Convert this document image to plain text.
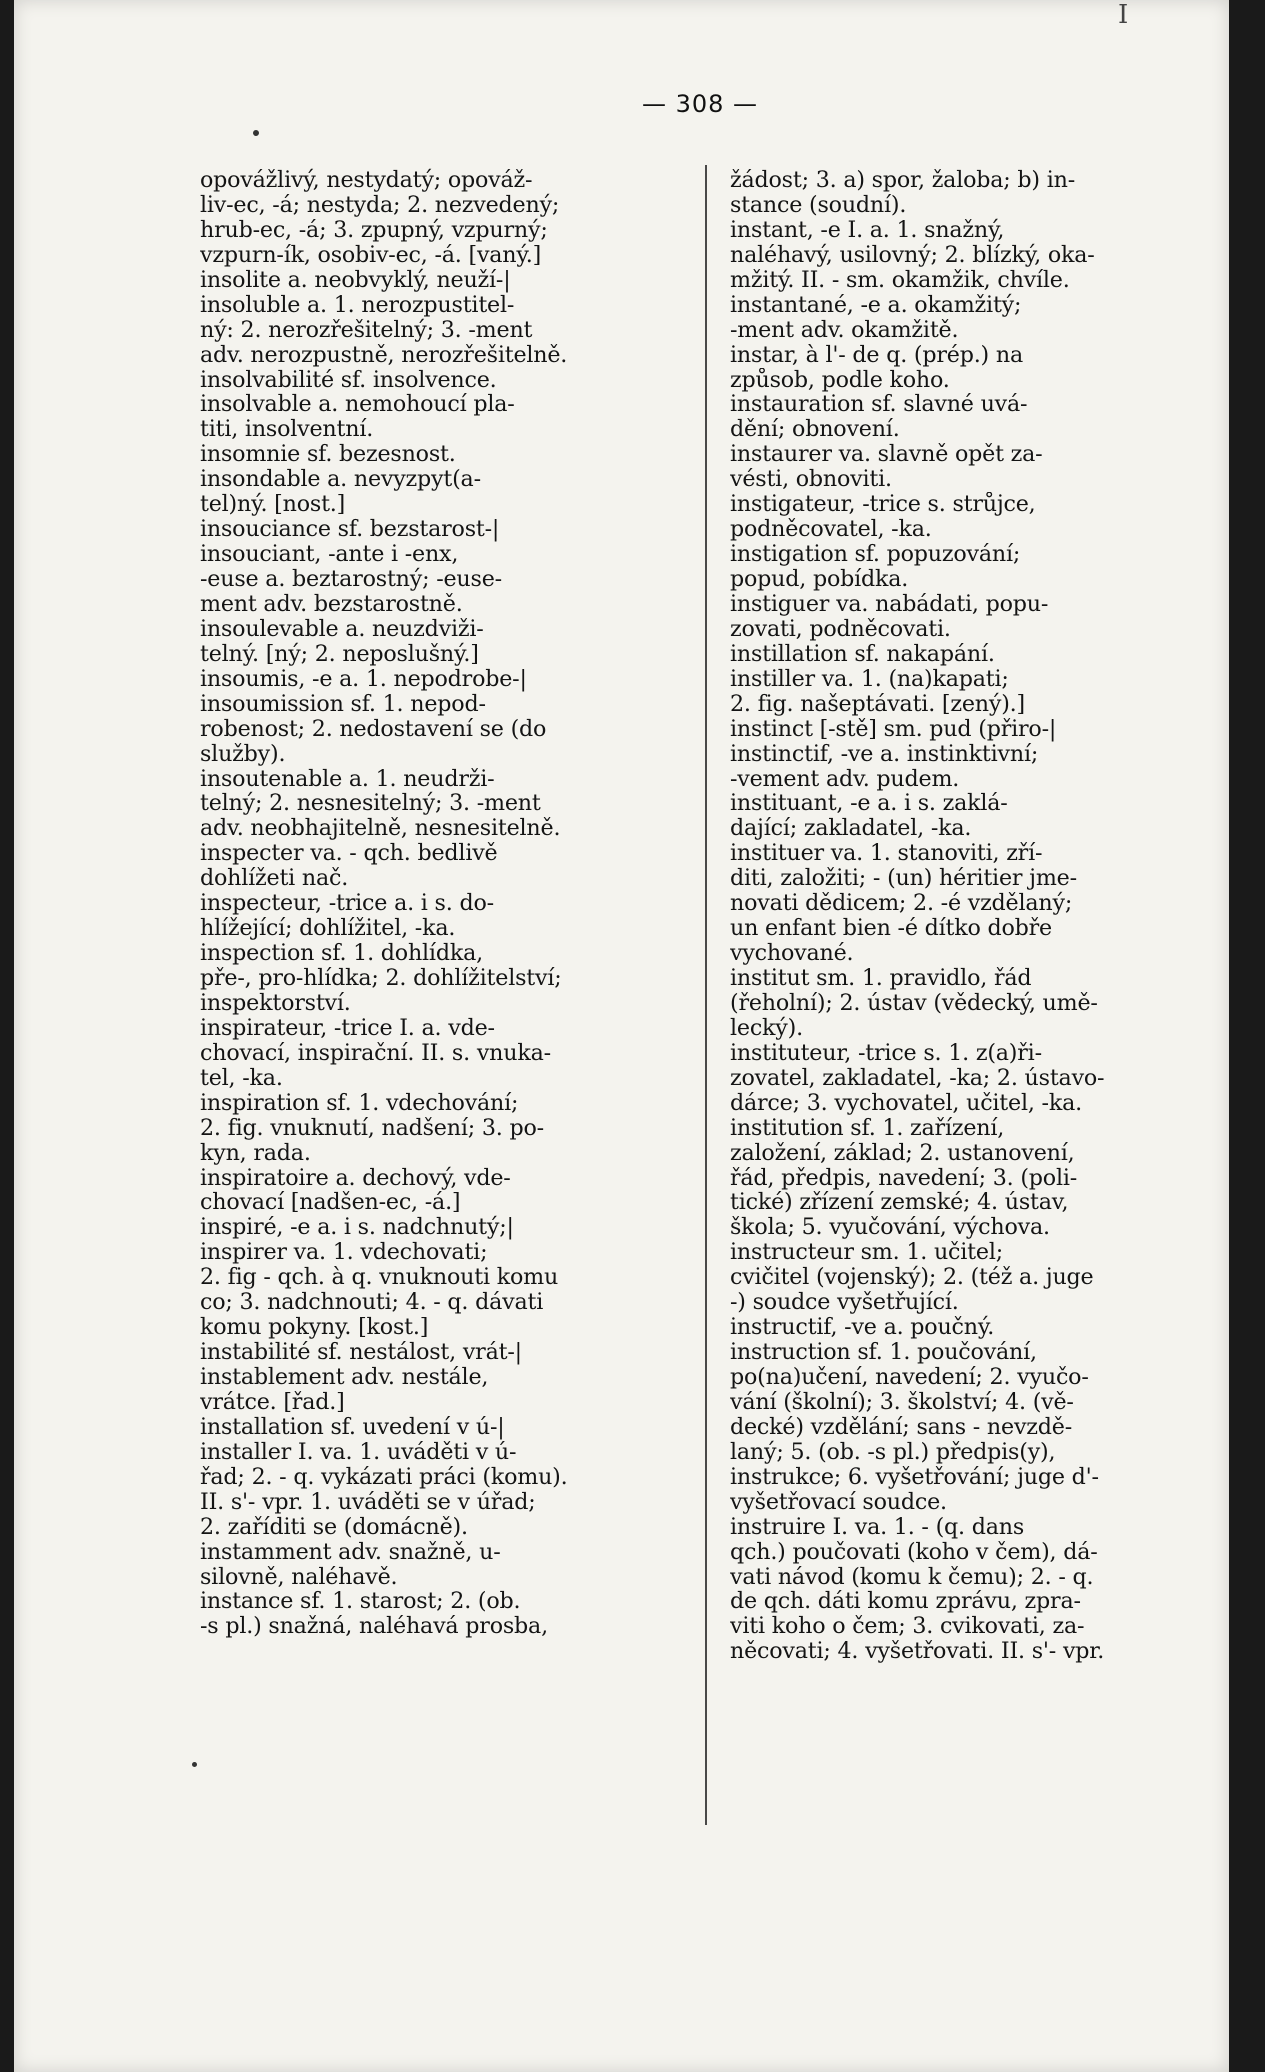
I
— 308 —
opovážlivý, nestydatý; opováž-
liv-ec, -á; nestyda; 2. nezvedený;
hrub-ec, -á; 3. zpupný, vzpurný;
vzpurn-ík, osobiv-ec, -á. [vaný.]
insolite a. neobvyklý, neuží-|
insoluble a. 1. nerozpustitel-
ný: 2. nerozřešitelný; 3. -ment
adv. nerozpustně, nerozřešitelně.
insolvabilité sf. insolvence.
insolvable a. nemohoucí pla-
titi, insolventní.
insomnie sf. bezesnost.
insondable a. nevyzpyt(a-
tel)ný. [nost.]
insouciance sf. bezstarost-|
insouciant, -ante i -enx,
-euse a. beztarostný; -euse-
ment adv. bezstarostně.
insoulevable a. neuzdviži-
telný. [ný; 2. neposlušný.]
insoumis, -e a. 1. nepodrobe-|
insoumission sf. 1. nepod-
robenost; 2. nedostavení se (do
služby).
insoutenable a. 1. neudrži-
telný; 2. nesnesitelný; 3. -ment
adv. neobhajitelně, nesnesitelně.
inspecter va. - qch. bedlivě
dohlížeti nač.
inspecteur, -trice a. i s. do-
hlížející; dohlížitel, -ka.
inspection sf. 1. dohlídka,
pře-, pro-hlídka; 2. dohlížitelství;
inspektorství.
inspirateur, -trice I. a. vde-
chovací, inspirační. II. s. vnuka-
tel, -ka.
inspiration sf. 1. vdechování;
2. fig. vnuknutí, nadšení; 3. po-
kyn, rada.
inspiratoire a. dechový, vde-
chovací [nadšen-ec, -á.]
inspiré, -e a. i s. nadchnutý;|
inspirer va. 1. vdechovati;
2. fig - qch. à q. vnuknouti komu
co; 3. nadchnouti; 4. - q. dávati
komu pokyny. [kost.]
instabilité sf. nestálost, vrát-|
instablement adv. nestále,
vrátce. [řad.]
installation sf. uvedení v ú-|
installer I. va. 1. uváděti v ú-
řad; 2. - q. vykázati práci (komu).
II. s'- vpr. 1. uváděti se v úřad;
2. zaříditi se (domácně).
instamment adv. snažně, u-
silovně, naléhavě.
instance sf. 1. starost; 2. (ob.
-s pl.) snažná, naléhavá prosba,
žádost; 3. a) spor, žaloba; b) in-
stance (soudní).
instant, -e I. a. 1. snažný,
naléhavý, usilovný; 2. blízký, oka-
mžitý. II. - sm. okamžik, chvíle.
instantané, -e a. okamžitý;
-ment adv. okamžitě.
instar, à l'- de q. (prép.) na
způsob, podle koho.
instauration sf. slavné uvá-
dění; obnovení.
instaurer va. slavně opět za-
vésti, obnoviti.
instigateur, -trice s. strůjce,
podněcovatel, -ka.
instigation sf. popuzování;
popud, pobídka.
instiguer va. nabádati, popu-
zovati, podněcovati.
instillation sf. nakapání.
instiller va. 1. (na)kapati;
2. fig. našeptávati. [zený).]
instinct [-stě] sm. pud (přiro-|
instinctif, -ve a. instinktivní;
-vement adv. pudem.
instituant, -e a. i s. zaklá-
dající; zakladatel, -ka.
instituer va. 1. stanoviti, zří-
diti, založiti; - (un) héritier jme-
novati dědicem; 2. -é vzdělaný;
un enfant bien -é dítko dobře
vychované.
institut sm. 1. pravidlo, řád
(řeholní); 2. ústav (vědecký, umě-
lecký).
instituteur, -trice s. 1. z(a)ři-
zovatel, zakladatel, -ka; 2. ústavo-
dárce; 3. vychovatel, učitel, -ka.
institution sf. 1. zařízení,
založení, základ; 2. ustanovení,
řád, předpis, navedení; 3. (poli-
tické) zřízení zemské; 4. ústav,
škola; 5. vyučování, výchova.
instructeur sm. 1. učitel;
cvičitel (vojenský); 2. (též a. juge
-) soudce vyšetřující.
instructif, -ve a. poučný.
instruction sf. 1. poučování,
po(na)učení, navedení; 2. vyučo-
vání (školní); 3. školství; 4. (vě-
decké) vzdělání; sans - nevzdě-
laný; 5. (ob. -s pl.) předpis(y),
instrukce; 6. vyšetřování; juge d'-
vyšetřovací soudce.
instruire I. va. 1. - (q. dans
qch.) poučovati (koho v čem), dá-
vati návod (komu k čemu); 2. - q.
de qch. dáti komu zprávu, zpra-
viti koho o čem; 3. cvikovati, za-
něcovati; 4. vyšetřovati. II. s'- vpr.
